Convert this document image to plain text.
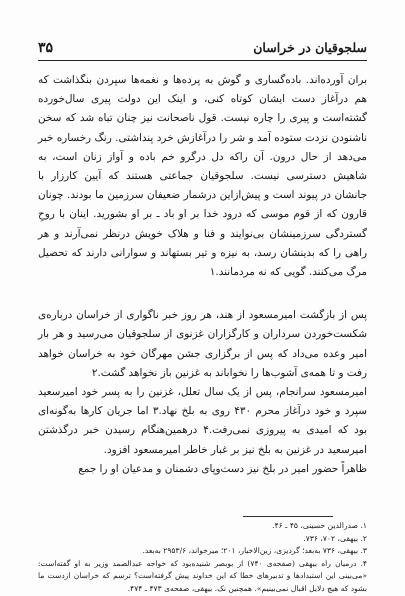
سلجوقیان در خراسان
۳۵

بران آورده‌اند. باده‌گساری و گوش به پرده‌ها و نغمه‌ها سپردن بنگذاشت که هم درآغاز دست ایشان کوتاه کنی، و اینک این دولت پیری سال‌خورده گشته‌است و پیری را چاره نیست. قول ناصحانت نیز چنان تباه شد که سخن ناشنودن نزدت ستوده آمد و شر را درآغازش خرد پنداشتی. رنگ رخساره خبر می‌دهد از حال درون. آن راکه دل درگرو خم باده و آواز زنان است، به شاهیش دسترسی نیست. سلجوقیان جماعتی هستند که آیین کارزار با جانشان در پیوند است و پیش‌ازاین درشمار ضعیفان سرزمین ما بودند. چونان قارون که از قوم موسی که درود خدا بر او باد ـ بر او بشورید. اینان با روحِ گستردگی سرزمینشان بی‌نوایند و فنا و هلاک خویش درنظر نمی‌آرند و هر راهی را که بدینشان رسد، به نیزه و تیر بستهاند و سوارانی دارند که تحصیل مرگ می‌کنند. گویی که نه مردمانند.۱

پس از بازگشت امیرمسعود از هند، هر روز خبر ناگواری از خراسان درباره‌ی شکست‌خوردن سرداران و کارگزاران غزنوی از سلجوقیان می‌رسید و هر بار امیر وعده می‌داد که پس از برگزاری جشن مهرگان خود به خراسان خواهد رفت و تا همه‌ی آشوب‌ها را نخواباند به غزنین باز نخواهد گشت.۲

امیرمسعود سرانجام، پس از یک سال تعلل، غزنین را به پسر خود امیرسعید سپرد و خود درآغاز محرم ۴۳۰ روی به بلخ نهاد.۳ اما جریان کارها به‌گونه‌ای بود که امیدی به پیروزی نمی‌رفت.۴ درهمین‌هنگام رسیدن خبر درگذشتن امیرسعید در غزنین به بلخ نیز بر غبار خاطر امیرمسعود افزود.

ظاهراً حضور امیر در بلخ نیز دست‌وپای دشمنان و مدعیان او را جمع

۱. صدرالدین حسینی، ۴۵ ـ ۴۶.

۲. بیهقی، ۷۰۲، ۷۳۶.

۳. بیهقی، ۷۳۶ به‌بعد؛ گردیزی، زین‌الاخبار، ۲۰۱؛ میرخواند، ۲۹۵۳/۶ به‌بعد.

۴. درمیان راه بیهقی (صفحه‌ی ۷۴۰) از بوبصر شنیده‌بود که خواجه عبدالصمد وزیر به او گفته‌است: «می‌بینی این استبدادها و تدبیرهای خطا که این خداوند پیش گرفته‌است؟ ترسم که خراسان ازدست ما بشود که هیچ دلایل اقبال نمی‌بینیم». همچنین نک. بیهقی، صفحه‌ی ۴۷۳ ـ ۴۷۴.
